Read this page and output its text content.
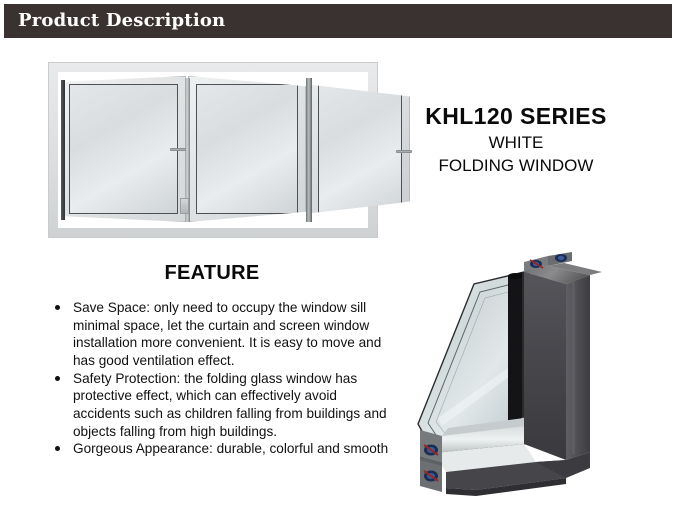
Product Description
KHL120 SERIES
WHITE
FOLDING WINDOW
FEATURE
Save Space: only need to occupy the window sill minimal space, let the curtain and screen window installation more convenient. It is easy to move and has good ventilation effect.
Safety Protection: the folding glass window has protective effect, which can effectively avoid accidents such as children falling from buildings and objects falling from high buildings.
Gorgeous Appearance: durable, colorful and smooth
